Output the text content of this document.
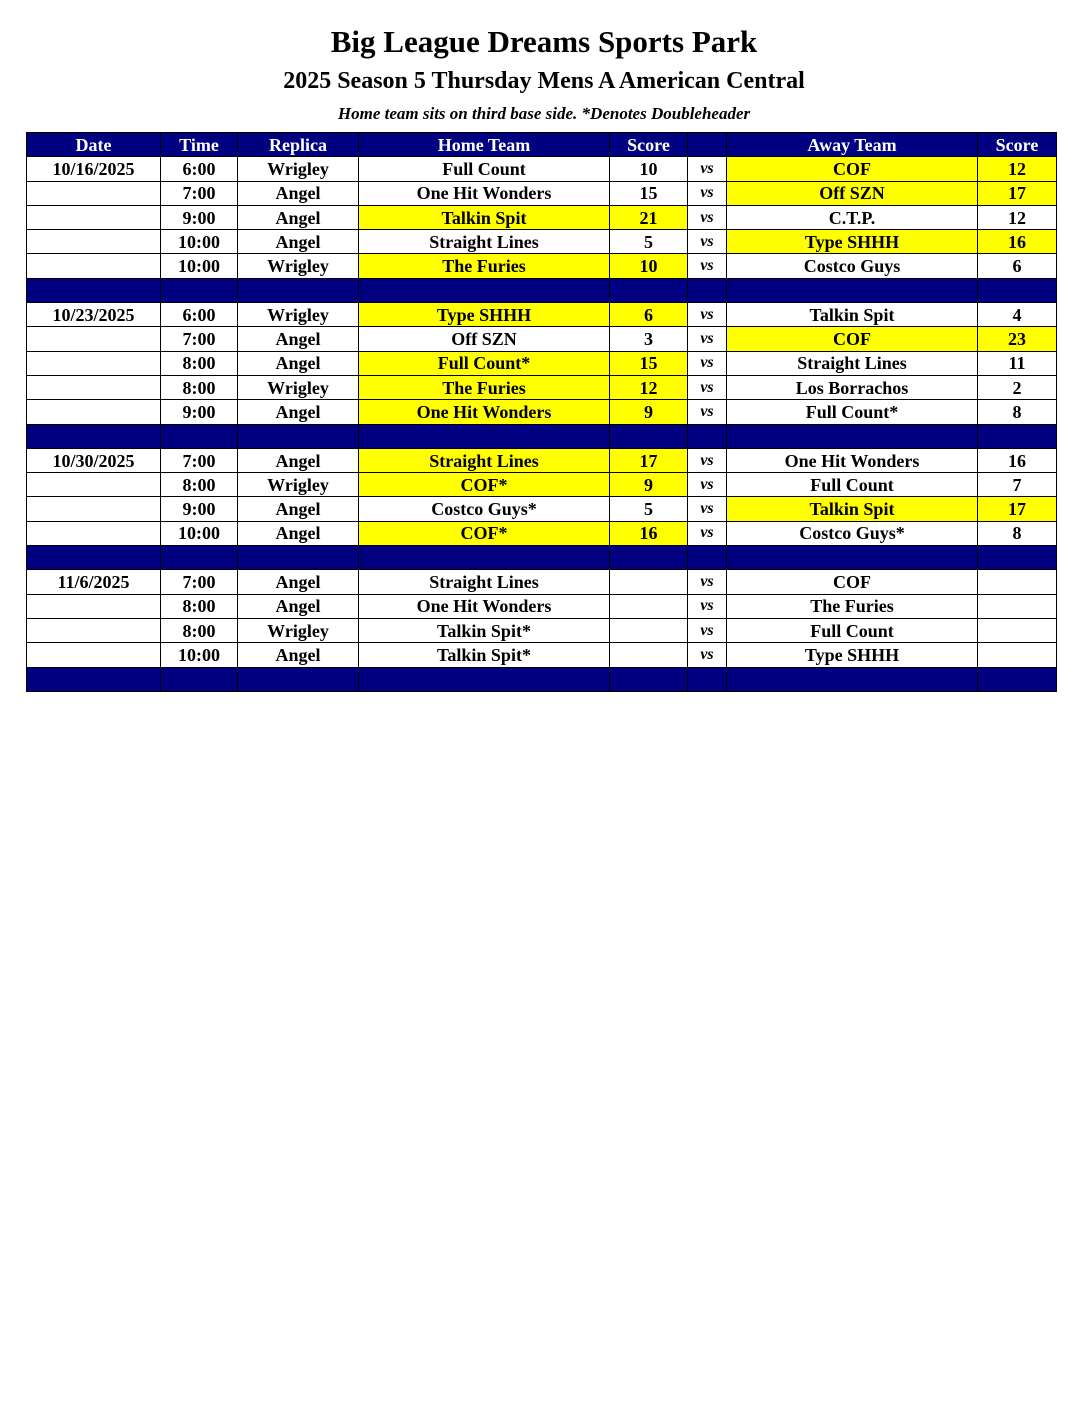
Big League Dreams Sports Park
2025 Season 5 Thursday Mens A American Central
Home team sits on third base side. *Denotes Doubleheader
Date	Time	Replica	Home Team	Score		Away Team	Score
10/16/2025	6:00	Wrigley	Full Count	10	vs	COF	12
	7:00	Angel	One Hit Wonders	15	vs	Off SZN	17
	9:00	Angel	Talkin Spit	21	vs	C.T.P.	12
	10:00	Angel	Straight Lines	5	vs	Type SHHH	16
	10:00	Wrigley	The Furies	10	vs	Costco Guys	6

10/23/2025	6:00	Wrigley	Type SHHH	6	vs	Talkin Spit	4
	7:00	Angel	Off SZN	3	vs	COF	23
	8:00	Angel	Full Count*	15	vs	Straight Lines	11
	8:00	Wrigley	The Furies	12	vs	Los Borrachos	2
	9:00	Angel	One Hit Wonders	9	vs	Full Count*	8

10/30/2025	7:00	Angel	Straight Lines	17	vs	One Hit Wonders	16
	8:00	Wrigley	COF*	9	vs	Full Count	7
	9:00	Angel	Costco Guys*	5	vs	Talkin Spit	17
	10:00	Angel	COF*	16	vs	Costco Guys*	8

11/6/2025	7:00	Angel	Straight Lines		vs	COF	
	8:00	Angel	One Hit Wonders		vs	The Furies	
	8:00	Wrigley	Talkin Spit*		vs	Full Count	
	10:00	Angel	Talkin Spit*		vs	Type SHHH	
